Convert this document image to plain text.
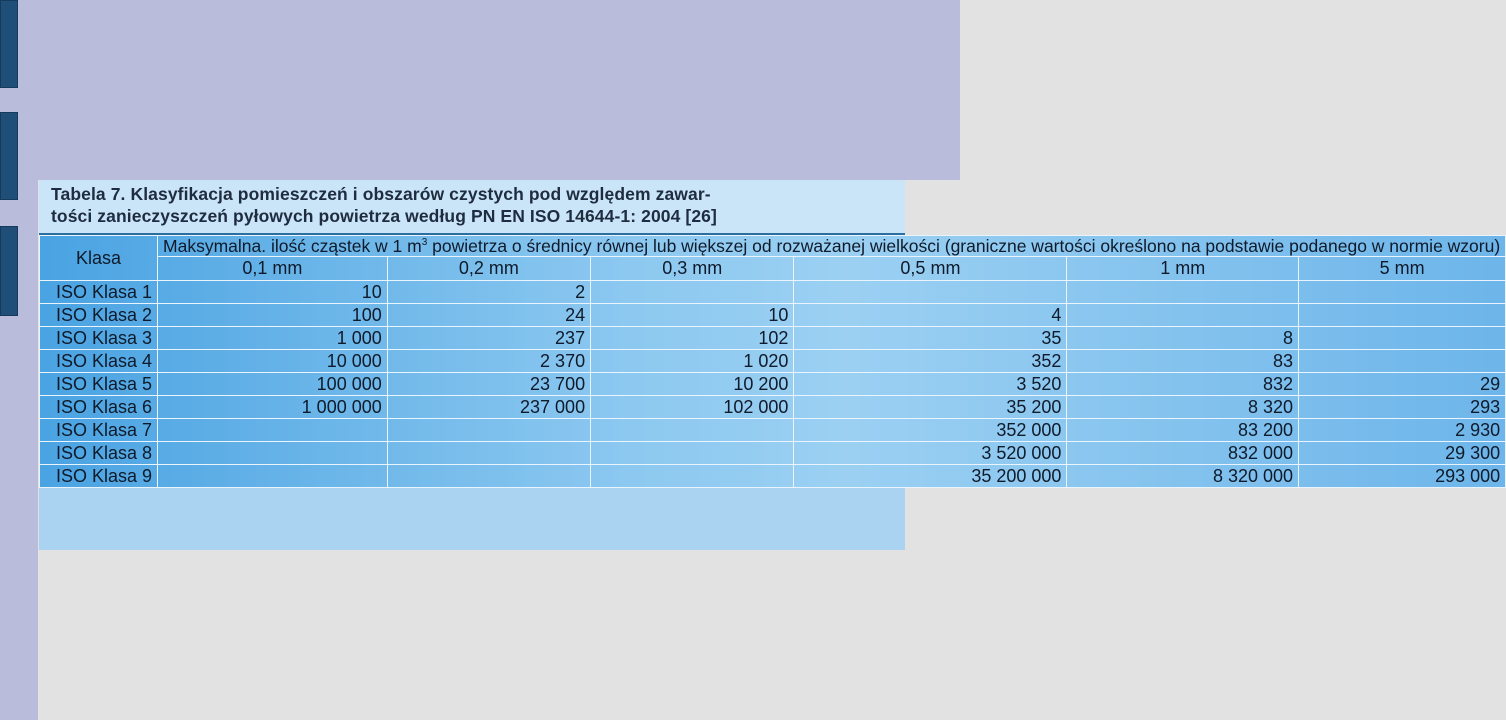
Tabela 7. Klasyfikacja pomieszczeń i obszarów czystych pod względem zawar-
tości zanieczyszczeń pyłowych powietrza według PN EN ISO 14644-1: 2004 [26]
Klasa	Maksymalna. ilość cząstek w 1 $m^3$ powietrza o średnicy równej lub większej od rozważanej wielkości (graniczne wartości określono na podstawie podanego w normie wzoru)					
	0,1 mm	0,2 mm	0,3 mm	0,5 mm	1 mm	5 mm
ISO Klasa 1	10	2				
ISO Klasa 2	100	24	10	4		
ISO Klasa 3	1 000	237	102	35	8	
ISO Klasa 4	10 000	2 370	1 020	352	83	
ISO Klasa 5	100 000	23 700	10 200	3 520	832	29
ISO Klasa 6	1 000 000	237 000	102 000	35 200	8 320	293
ISO Klasa 7				352 000	83 200	2 930
ISO Klasa 8				3 520 000	832 000	29 300
ISO Klasa 9				35 200 000	8 320 000	293 000
